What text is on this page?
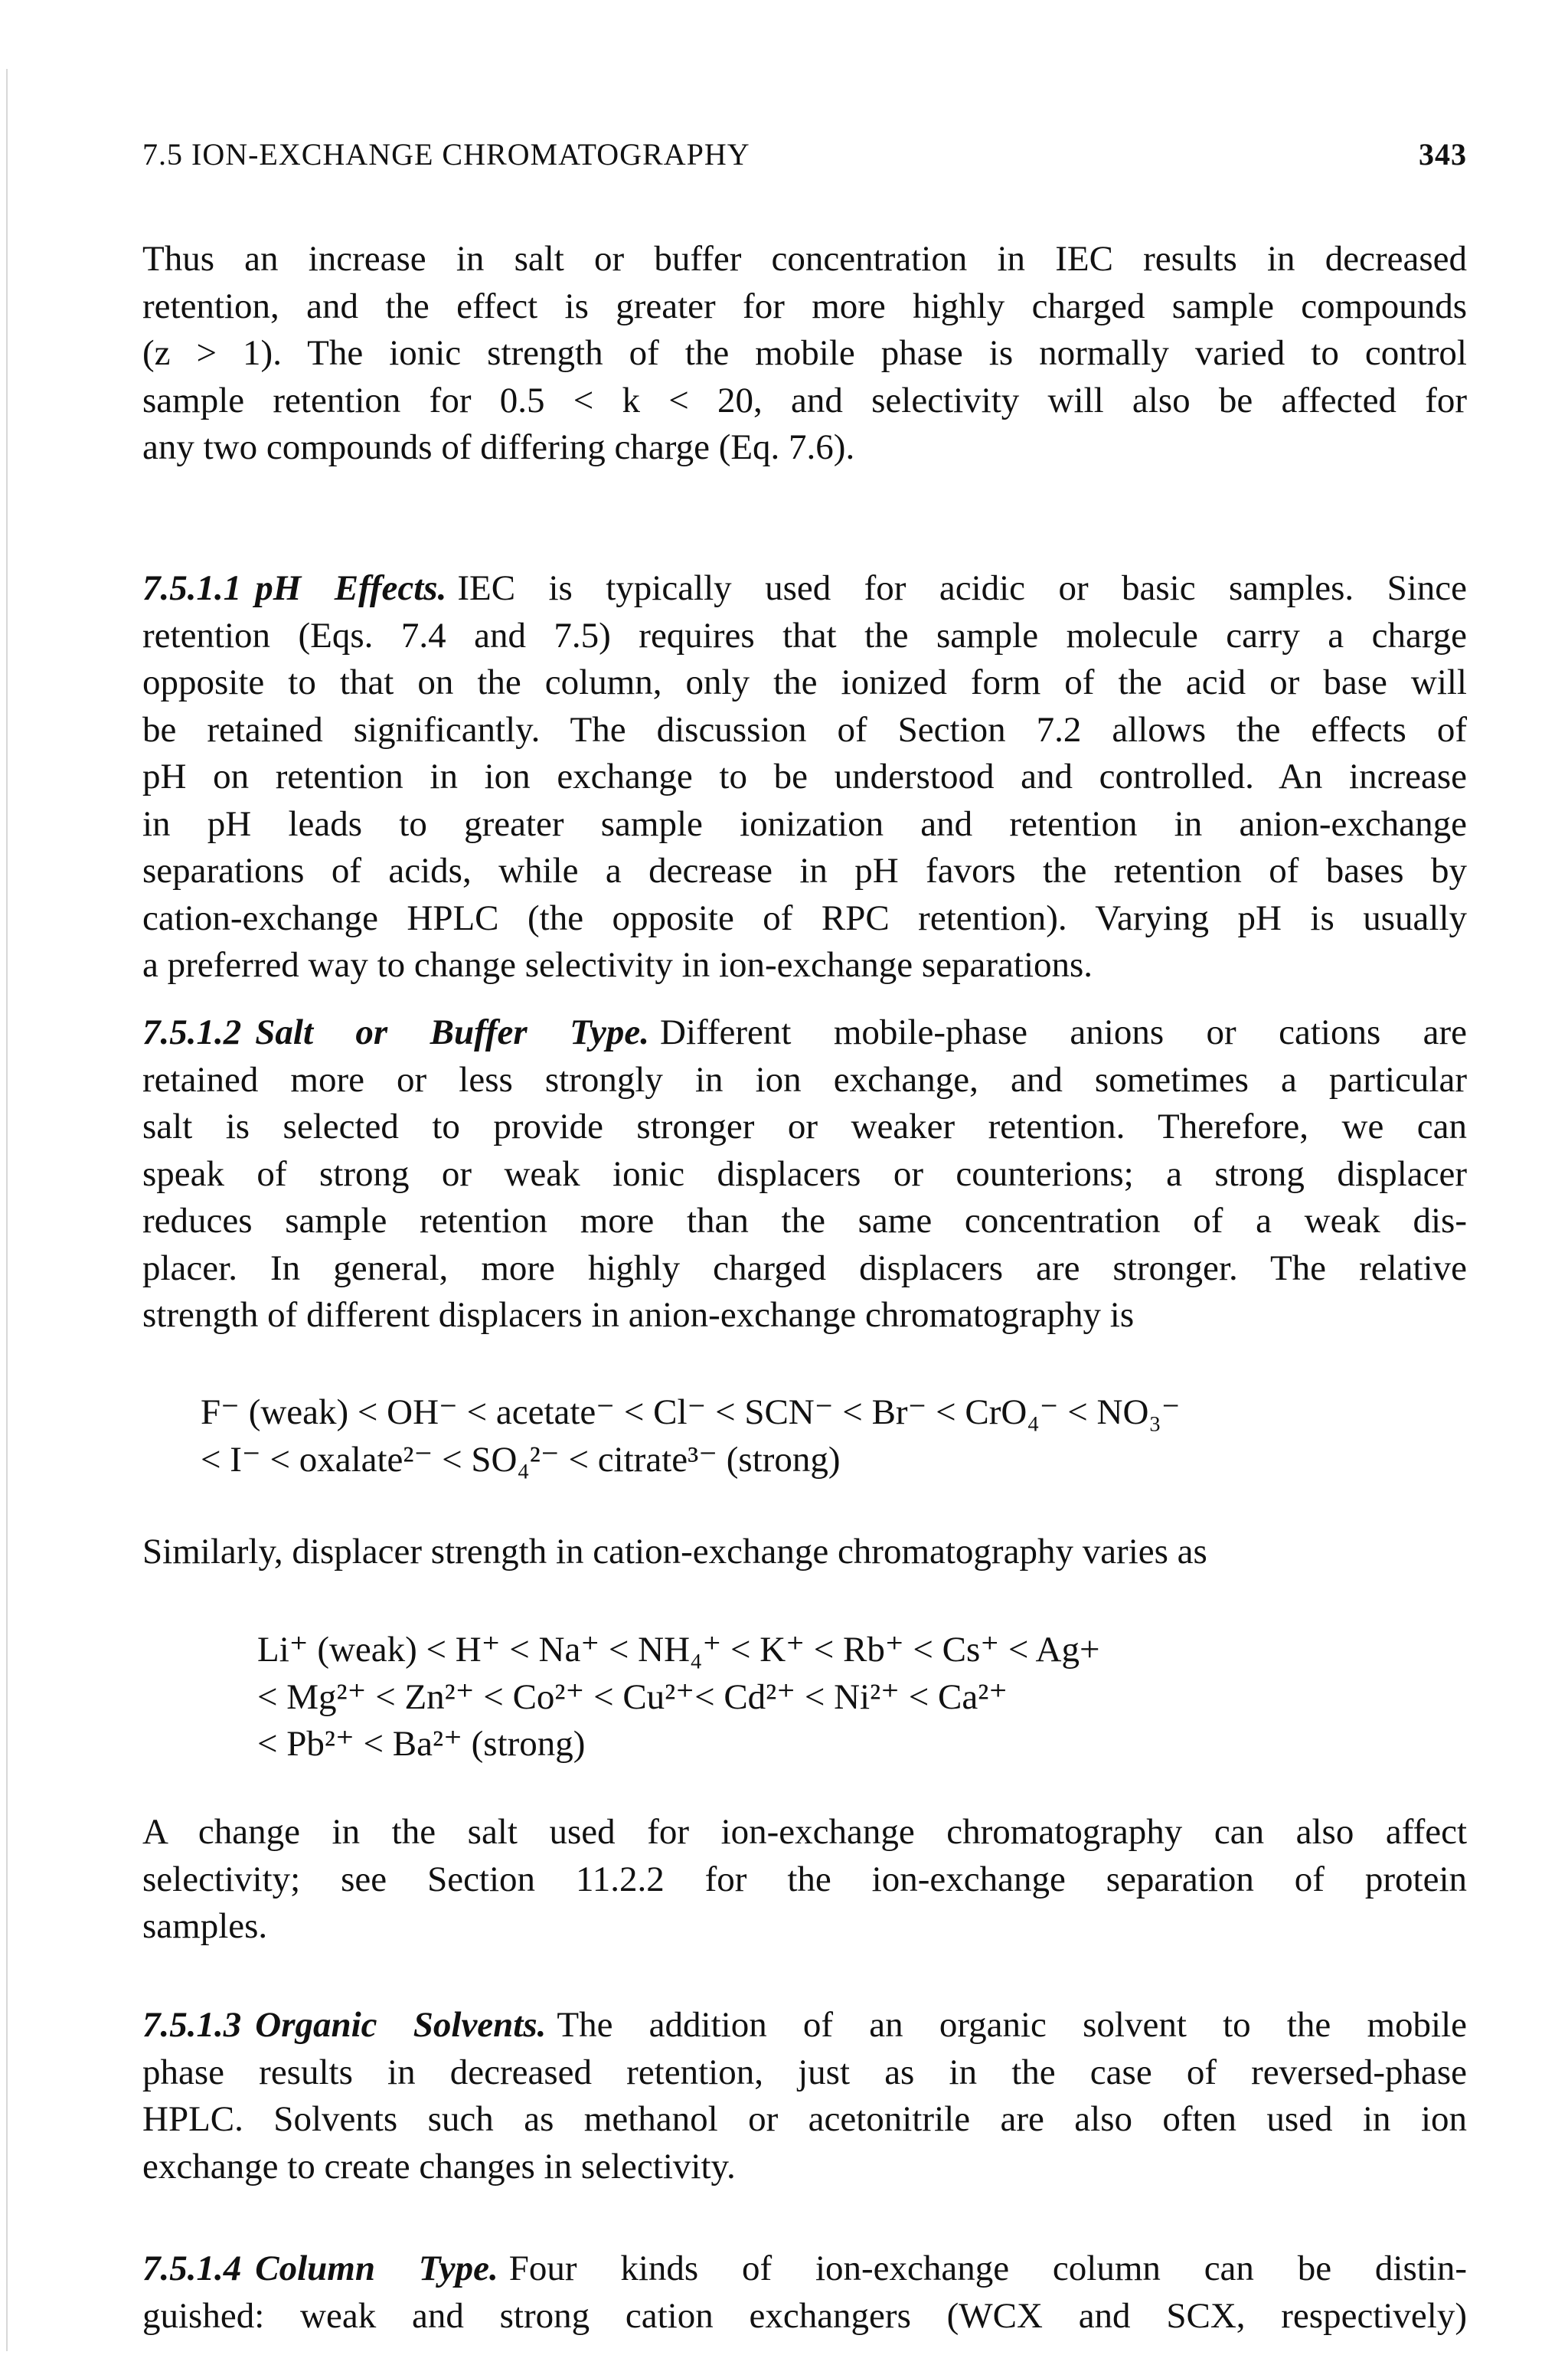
7.5 ION-EXCHANGE CHROMATOGRAPHY	343

Thus an increase in salt or buffer concentration in IEC results in decreased
retention, and the effect is greater for more highly charged sample compounds
(z > 1). The ionic strength of the mobile phase is normally varied to control
sample retention for 0.5 < k < 20, and selectivity will also be affected for
any two compounds of differing charge (Eq. 7.6).

7.5.1.1 pH Effects. IEC is typically used for acidic or basic samples. Since
retention (Eqs. 7.4 and 7.5) requires that the sample molecule carry a charge
opposite to that on the column, only the ionized form of the acid or base will
be retained significantly. The discussion of Section 7.2 allows the effects of
pH on retention in ion exchange to be understood and controlled. An increase
in pH leads to greater sample ionization and retention in anion-exchange
separations of acids, while a decrease in pH favors the retention of bases by
cation-exchange HPLC (the opposite of RPC retention). Varying pH is usually
a preferred way to change selectivity in ion-exchange separations.

7.5.1.2 Salt or Buffer Type. Different mobile-phase anions or cations are
retained more or less strongly in ion exchange, and sometimes a particular
salt is selected to provide stronger or weaker retention. Therefore, we can
speak of strong or weak ionic displacers or counterions; a strong displacer
reduces sample retention more than the same concentration of a weak dis-
placer. In general, more highly charged displacers are stronger. The relative
strength of different displacers in anion-exchange chromatography is

F⁻ (weak) < OH⁻ < acetate⁻ < Cl⁻ < SCN⁻ < Br⁻ < CrO₄⁻ < NO₃⁻
< I⁻ < oxalate²⁻ < SO₄²⁻ < citrate³⁻ (strong)

Similarly, displacer strength in cation-exchange chromatography varies as

Li⁺ (weak) < H⁺ < Na⁺ < NH₄⁺ < K⁺ < Rb⁺ < Cs⁺ < Ag+
< Mg²⁺ < Zn²⁺ < Co²⁺ < Cu²⁺< Cd²⁺ < Ni²⁺ < Ca²⁺
< Pb²⁺ < Ba²⁺ (strong)

A change in the salt used for ion-exchange chromatography can also affect
selectivity; see Section 11.2.2 for the ion-exchange separation of protein
samples.

7.5.1.3 Organic Solvents. The addition of an organic solvent to the mobile
phase results in decreased retention, just as in the case of reversed-phase
HPLC. Solvents such as methanol or acetonitrile are also often used in ion
exchange to create changes in selectivity.

7.5.1.4 Column Type. Four kinds of ion-exchange column can be distin-
guished: weak and strong cation exchangers (WCX and SCX, respectively)
